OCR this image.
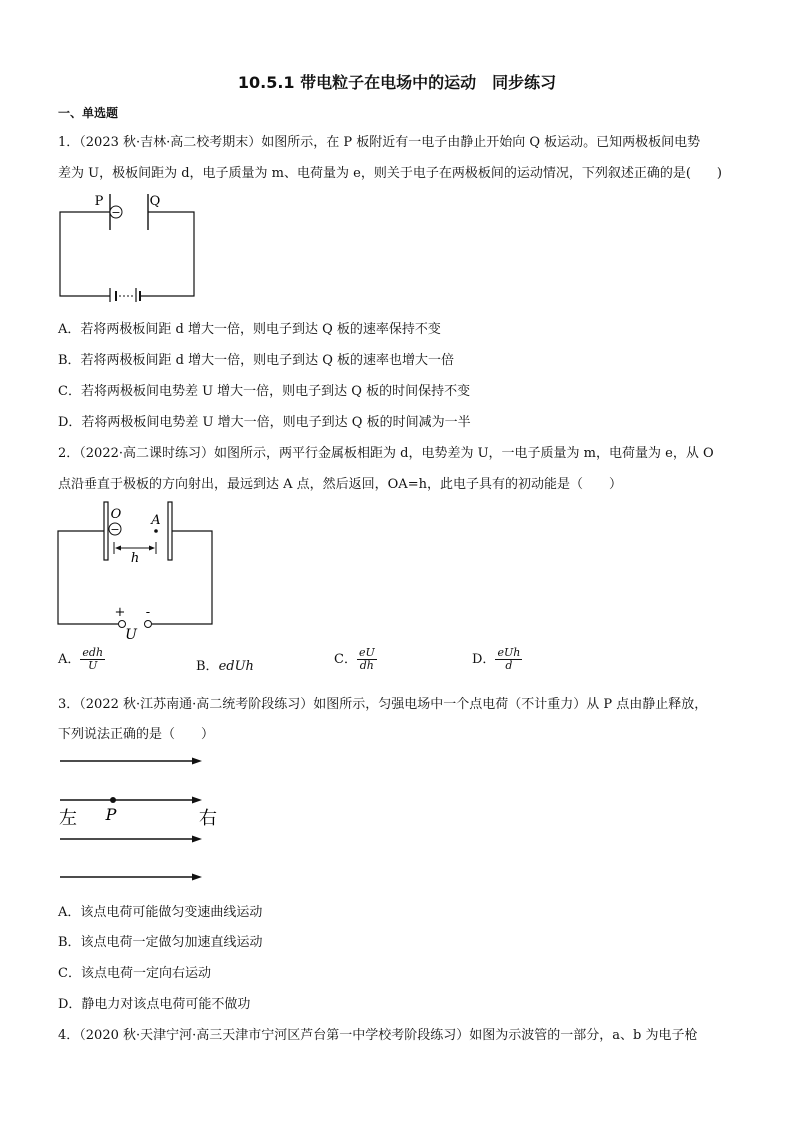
10.5.1 带电粒子在电场中的运动　同步练习
一、单选题
1．（2023 秋·吉林·高二校考期末）如图所示，在 P 板附近有一电子由静止开始向 Q 板运动。已知两极板间电势
差为 U，极板间距为 d，电子质量为 m、电荷量为 e，则关于电子在两极板间的运动情况，下列叙述正确的是(　　)
−
P	Q
A．若将两极板间距 d 增大一倍，则电子到达 Q 板的速率保持不变
B．若将两极板间距 d 增大一倍，则电子到达 Q 板的速率也增大一倍
C．若将两极板间电势差 U 增大一倍，则电子到达 Q 板的时间保持不变
D．若将两极板间电势差 U 增大一倍，则电子到达 Q 板的时间减为一半
2．（2022·高二课时练习）如图所示，两平行金属板相距为 d，电势差为 U，一电子质量为 m，电荷量为 e，从 O
点沿垂直于极板的方向射出，最远到达 A 点，然后返回，OA=h，此电子具有的初动能是（　　）
−
O A
h
+ -
U
A． $\frac{\text{edh}}{U}$	B．edUh	C． $\frac{eU}{dh}$	D． $\frac{\text{eUh}}{d}$
3．（2022 秋·江苏南通·高二统考阶段练习）如图所示，匀强电场中一个点电荷（不计重力）从 P 点由静止释放，
下列说法正确的是（　　）
P
左	右
A．该点电荷可能做匀变速曲线运动
B．该点电荷一定做匀加速直线运动
C．该点电荷一定向右运动
D．静电力对该点电荷可能不做功
4．（2020 秋·天津宁河·高三天津市宁河区芦台第一中学校考阶段练习）如图为示波管的一部分，a、b 为电子枪
